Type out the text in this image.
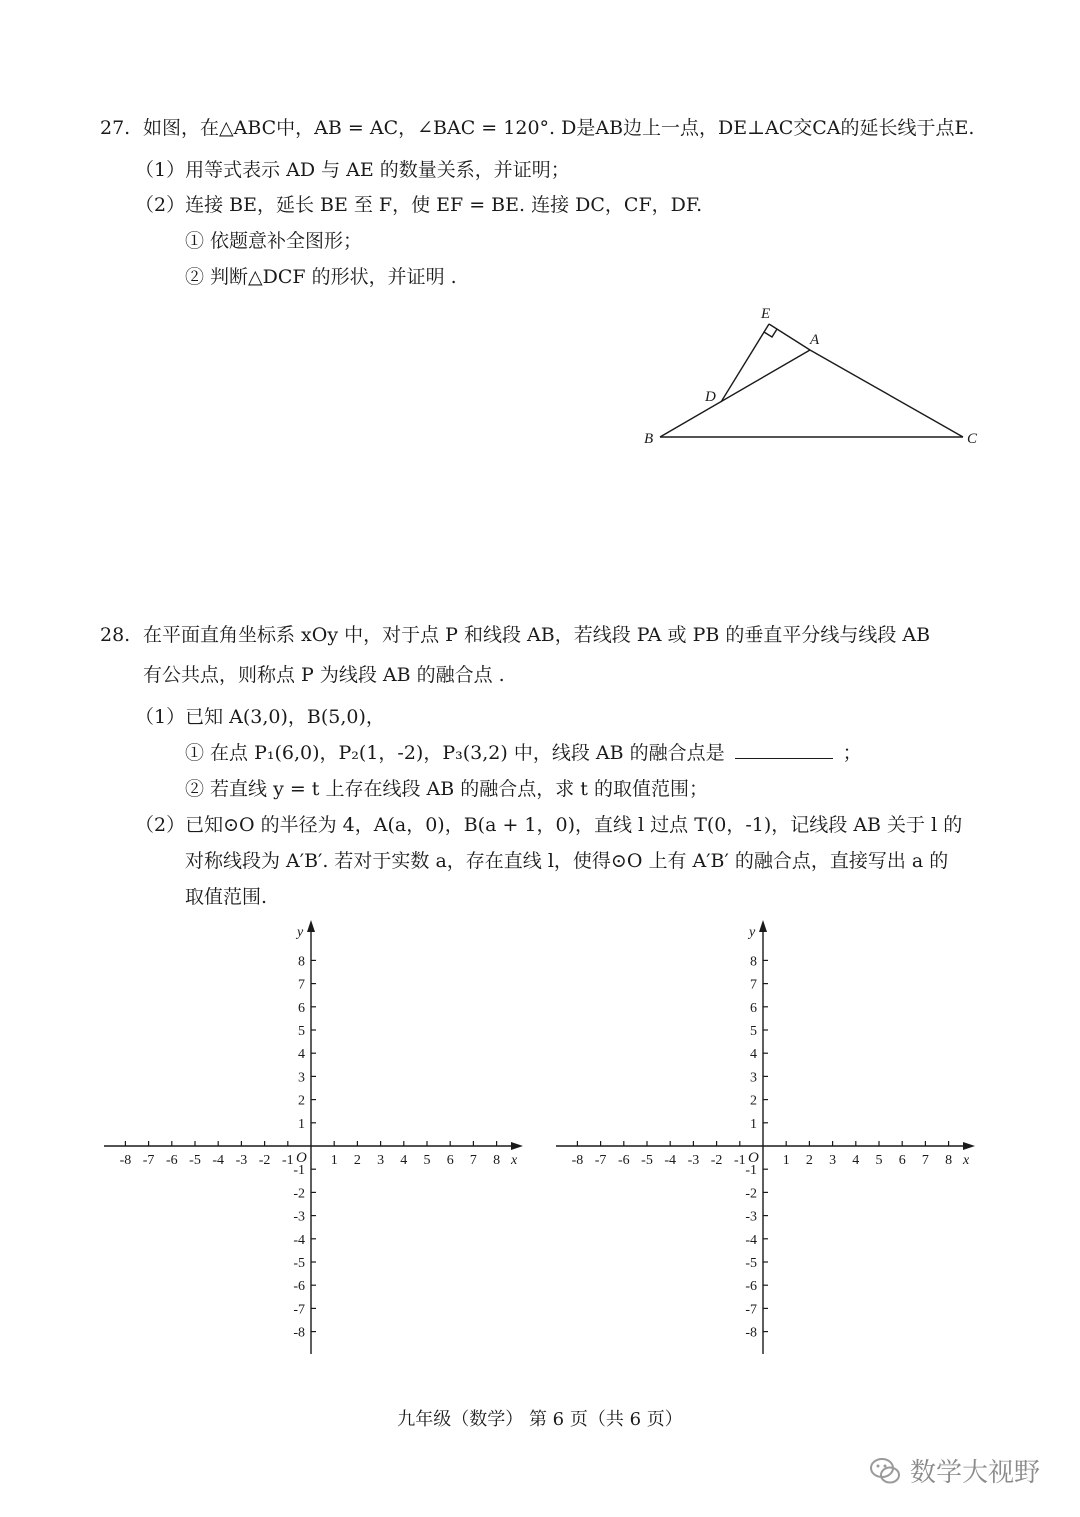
27. 如图，在△ABC中，AB = AC，∠BAC = 120°. D是AB边上一点，DE⊥AC交CA的延长线于点E.
（1）用等式表示 AD 与 AE 的数量关系，并证明；
（2）连接 BE，延长 BE 至 F，使 EF = BE. 连接 DC，CF，DF.
① 依题意补全图形；
② 判断△DCF 的形状，并证明 .
E
A
D
B	C
28. 在平面直角坐标系 xOy 中，对于点 P 和线段 AB，若线段 PA 或 PB 的垂直平分线与线段 AB
有公共点，则称点 P 为线段 AB 的融合点 .
（1）已知 A(3,0)，B(5,0)，
① 在点 P₁(6,0)，P₂(1，-2)，P₃(3,2) 中，线段 AB 的融合点是	；
② 若直线 y = t 上存在线段 AB 的融合点，求 t 的取值范围；
（2）已知⊙O 的半径为 4，A(a，0)，B(a + 1，0)，直线 l 过点 T(0，-1)，记线段 AB 关于 l 的
对称线段为 A′B′. 若对于实数 a，存在直线 l，使得⊙O 上有 A′B′ 的融合点，直接写出 a 的
取值范围.
-8 -7 -6 -5 -4 -3 -2 -1	1 2 3 4 5 6 7 8
8
7
6
5
4
3
2
1
-1
-2
-3
-4
-5
-6
-7
-8
O	x
y
-8 -7 -6 -5 -4 -3 -2 -1	1 2 3 4 5 6 7 8
8
7
6
5
4
3
2
1
-1
-2
-3
-4
-5
-6
-7
-8
O	x
y
九年级（数学） 第 6 页（共 6 页）
数学大视野
